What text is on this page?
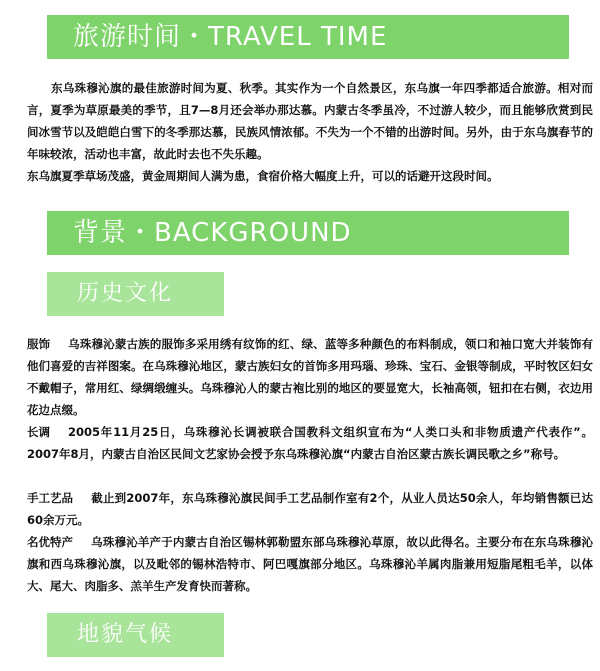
旅游时间・TRAVEL TIME

东乌珠穆沁旗的最佳旅游时间为夏、秋季。其实作为一个自然景区，东乌旗一年四季都适合旅游。相对而言，夏季为草原最美的季节，且7—8月还会举办那达慕。内蒙古冬季虽冷，不过游人较少，而且能够欣赏到民间冰雪节以及皑皑白雪下的冬季那达慕，民族风情浓郁。不失为一个不错的出游时间。另外，由于东乌旗春节的年味较浓，活动也丰富，故此时去也不失乐趣。

东乌旗夏季草场茂盛，黄金周期间人满为患，食宿价格大幅度上升，可以的话避开这段时间。

背景・BACKGROUND
历史文化

服饰 乌珠穆沁蒙古族的服饰多采用绣有纹饰的红、绿、蓝等多种颜色的布料制成，领口和袖口宽大并装饰有他们喜爱的吉祥图案。在乌珠穆沁地区，蒙古族妇女的首饰多用玛瑙、珍珠、宝石、金银等制成，平时牧区妇女不戴帽子，常用红、绿绸缎缠头。乌珠穆沁人的蒙古袍比别的地区的要显宽大，长袖高领，钮扣在右侧，衣边用花边点缀。

长调 2005年11月25日，乌珠穆沁长调被联合国教科文组织宣布为“人类口头和非物质遗产代表作”。2007年8月，内蒙古自治区民间文艺家协会授予东乌珠穆沁旗“内蒙古自治区蒙古族长调民歌之乡”称号。

手工艺品 截止到2007年，东乌珠穆沁旗民间手工艺品制作室有2个，从业人员达50余人，年均销售额已达60余万元。

名优特产 乌珠穆沁羊产于内蒙古自治区锡林郭勒盟东部乌珠穆沁草原，故以此得名。主要分布在东乌珠穆沁旗和西乌珠穆沁旗，以及毗邻的锡林浩特市、阿巴嘎旗部分地区。乌珠穆沁羊属肉脂兼用短脂尾粗毛羊，以体大、尾大、肉脂多、羔羊生产发育快而著称。

地貌气候
